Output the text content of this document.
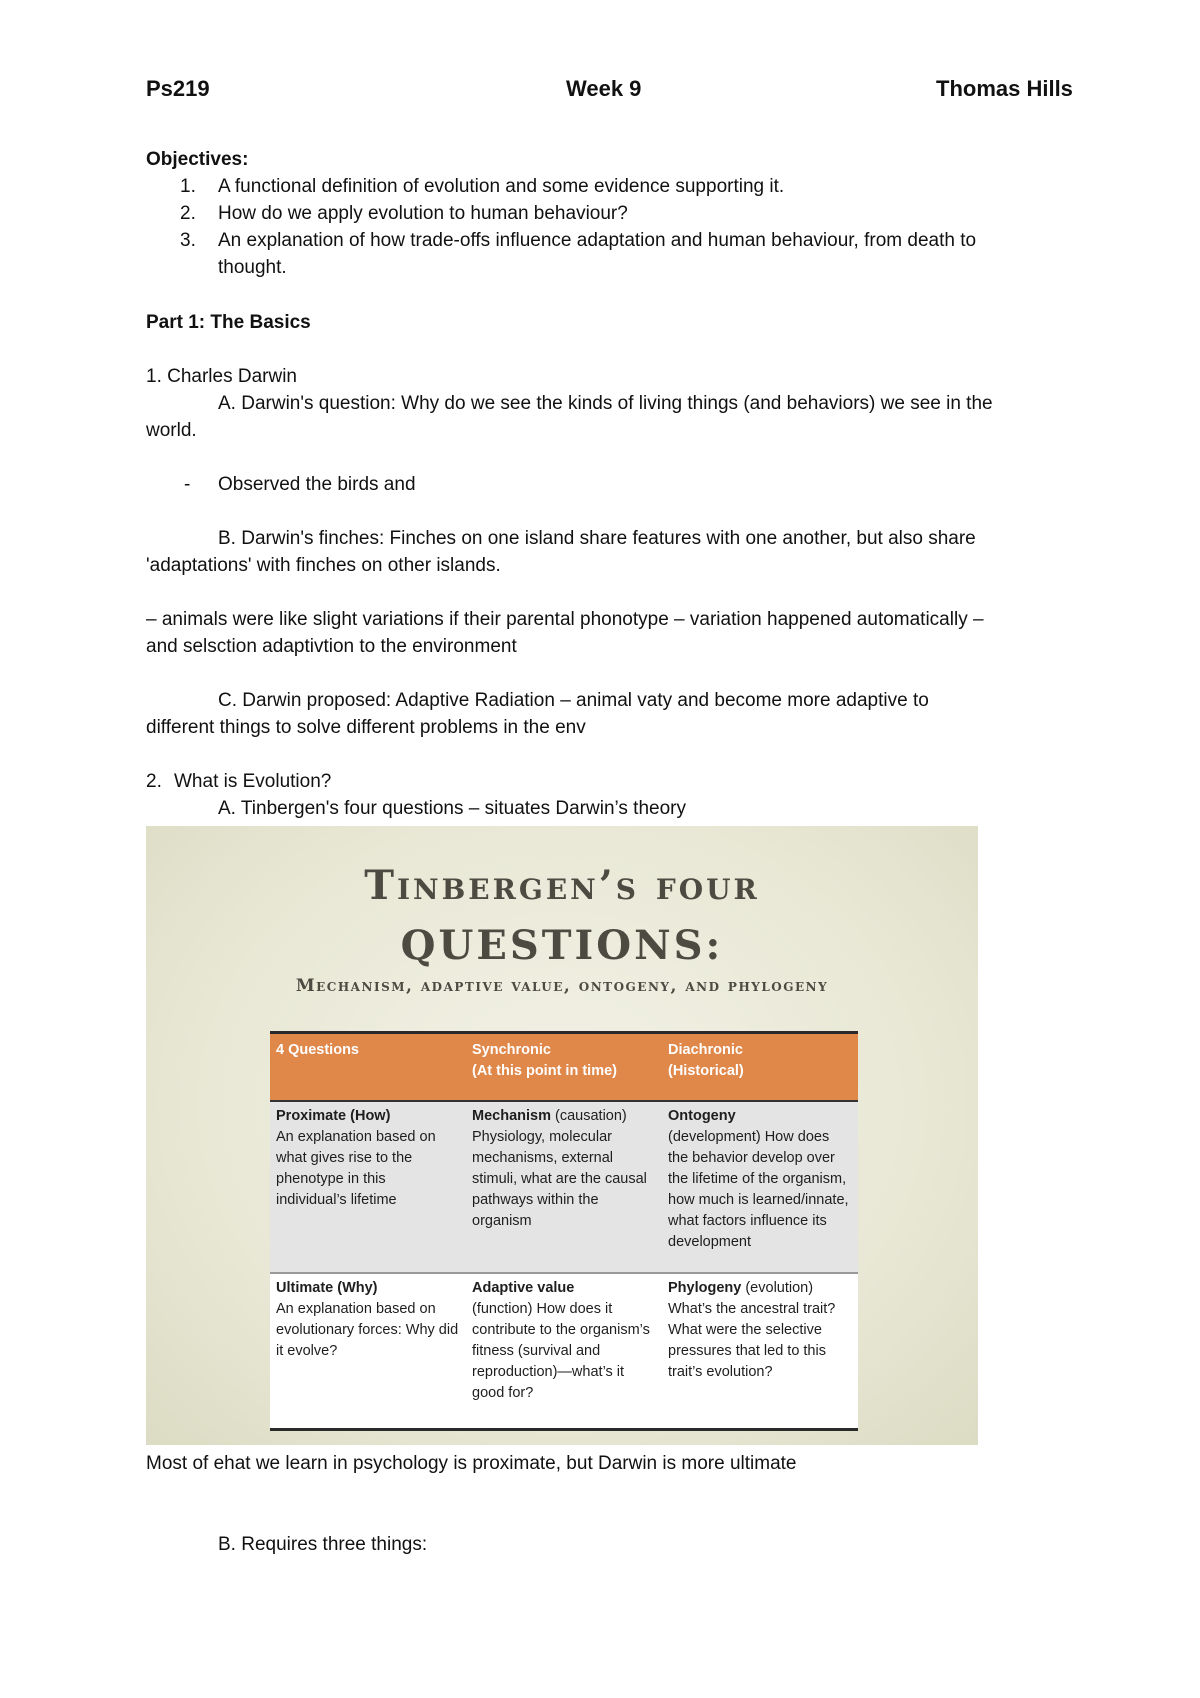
Ps219	Week 9	Thomas Hills
Objectives:
1. A functional definition of evolution and some evidence supporting it.
2. How do we apply evolution to human behaviour?
3. An explanation of how trade-offs influence adaptation and human behaviour, from death to
thought.
Part 1: The Basics
1. Charles Darwin
A. Darwin's question: Why do we see the kinds of living things (and behaviors) we see in the
world.
- Observed the birds and
B. Darwin's finches: Finches on one island share features with one another, but also share
'adaptations' with finches on other islands.
– animals were like slight variations if their parental phonotype – variation happened automatically –
and selsction adaptivtion to the environment
C. Darwin proposed: Adaptive Radiation – animal vaty and become more adaptive to
different things to solve different problems in the env
2. What is Evolution?
A. Tinbergen's four questions – situates Darwin’s theory
Tinbergen’s four
QUESTIONS:
Mechanism, adaptive value, ontogeny, and phylogeny
4 Questions	Synchronic
(At this point in time)	Diachronic
(Historical)

Proximate (How)
An explanation based on what gives rise to the phenotype in this individual’s lifetime	Mechanism (causation)
Physiology, molecular mechanisms, external stimuli, what are the causal pathways within the organism	Ontogeny
(development) How does the behavior develop over the lifetime of the organism, how much is learned/innate, what factors influence its development

Ultimate (Why)
An explanation based on evolutionary forces: Why did it evolve?	Adaptive value
(function) How does it contribute to the organism’s fitness (survival and reproduction)—what’s it good for?	Phylogeny (evolution)
What’s the ancestral trait? What were the selective pressures that led to this trait’s evolution?
Most of ehat we learn in psychology is proximate, but Darwin is more ultimate
B. Requires three things:
